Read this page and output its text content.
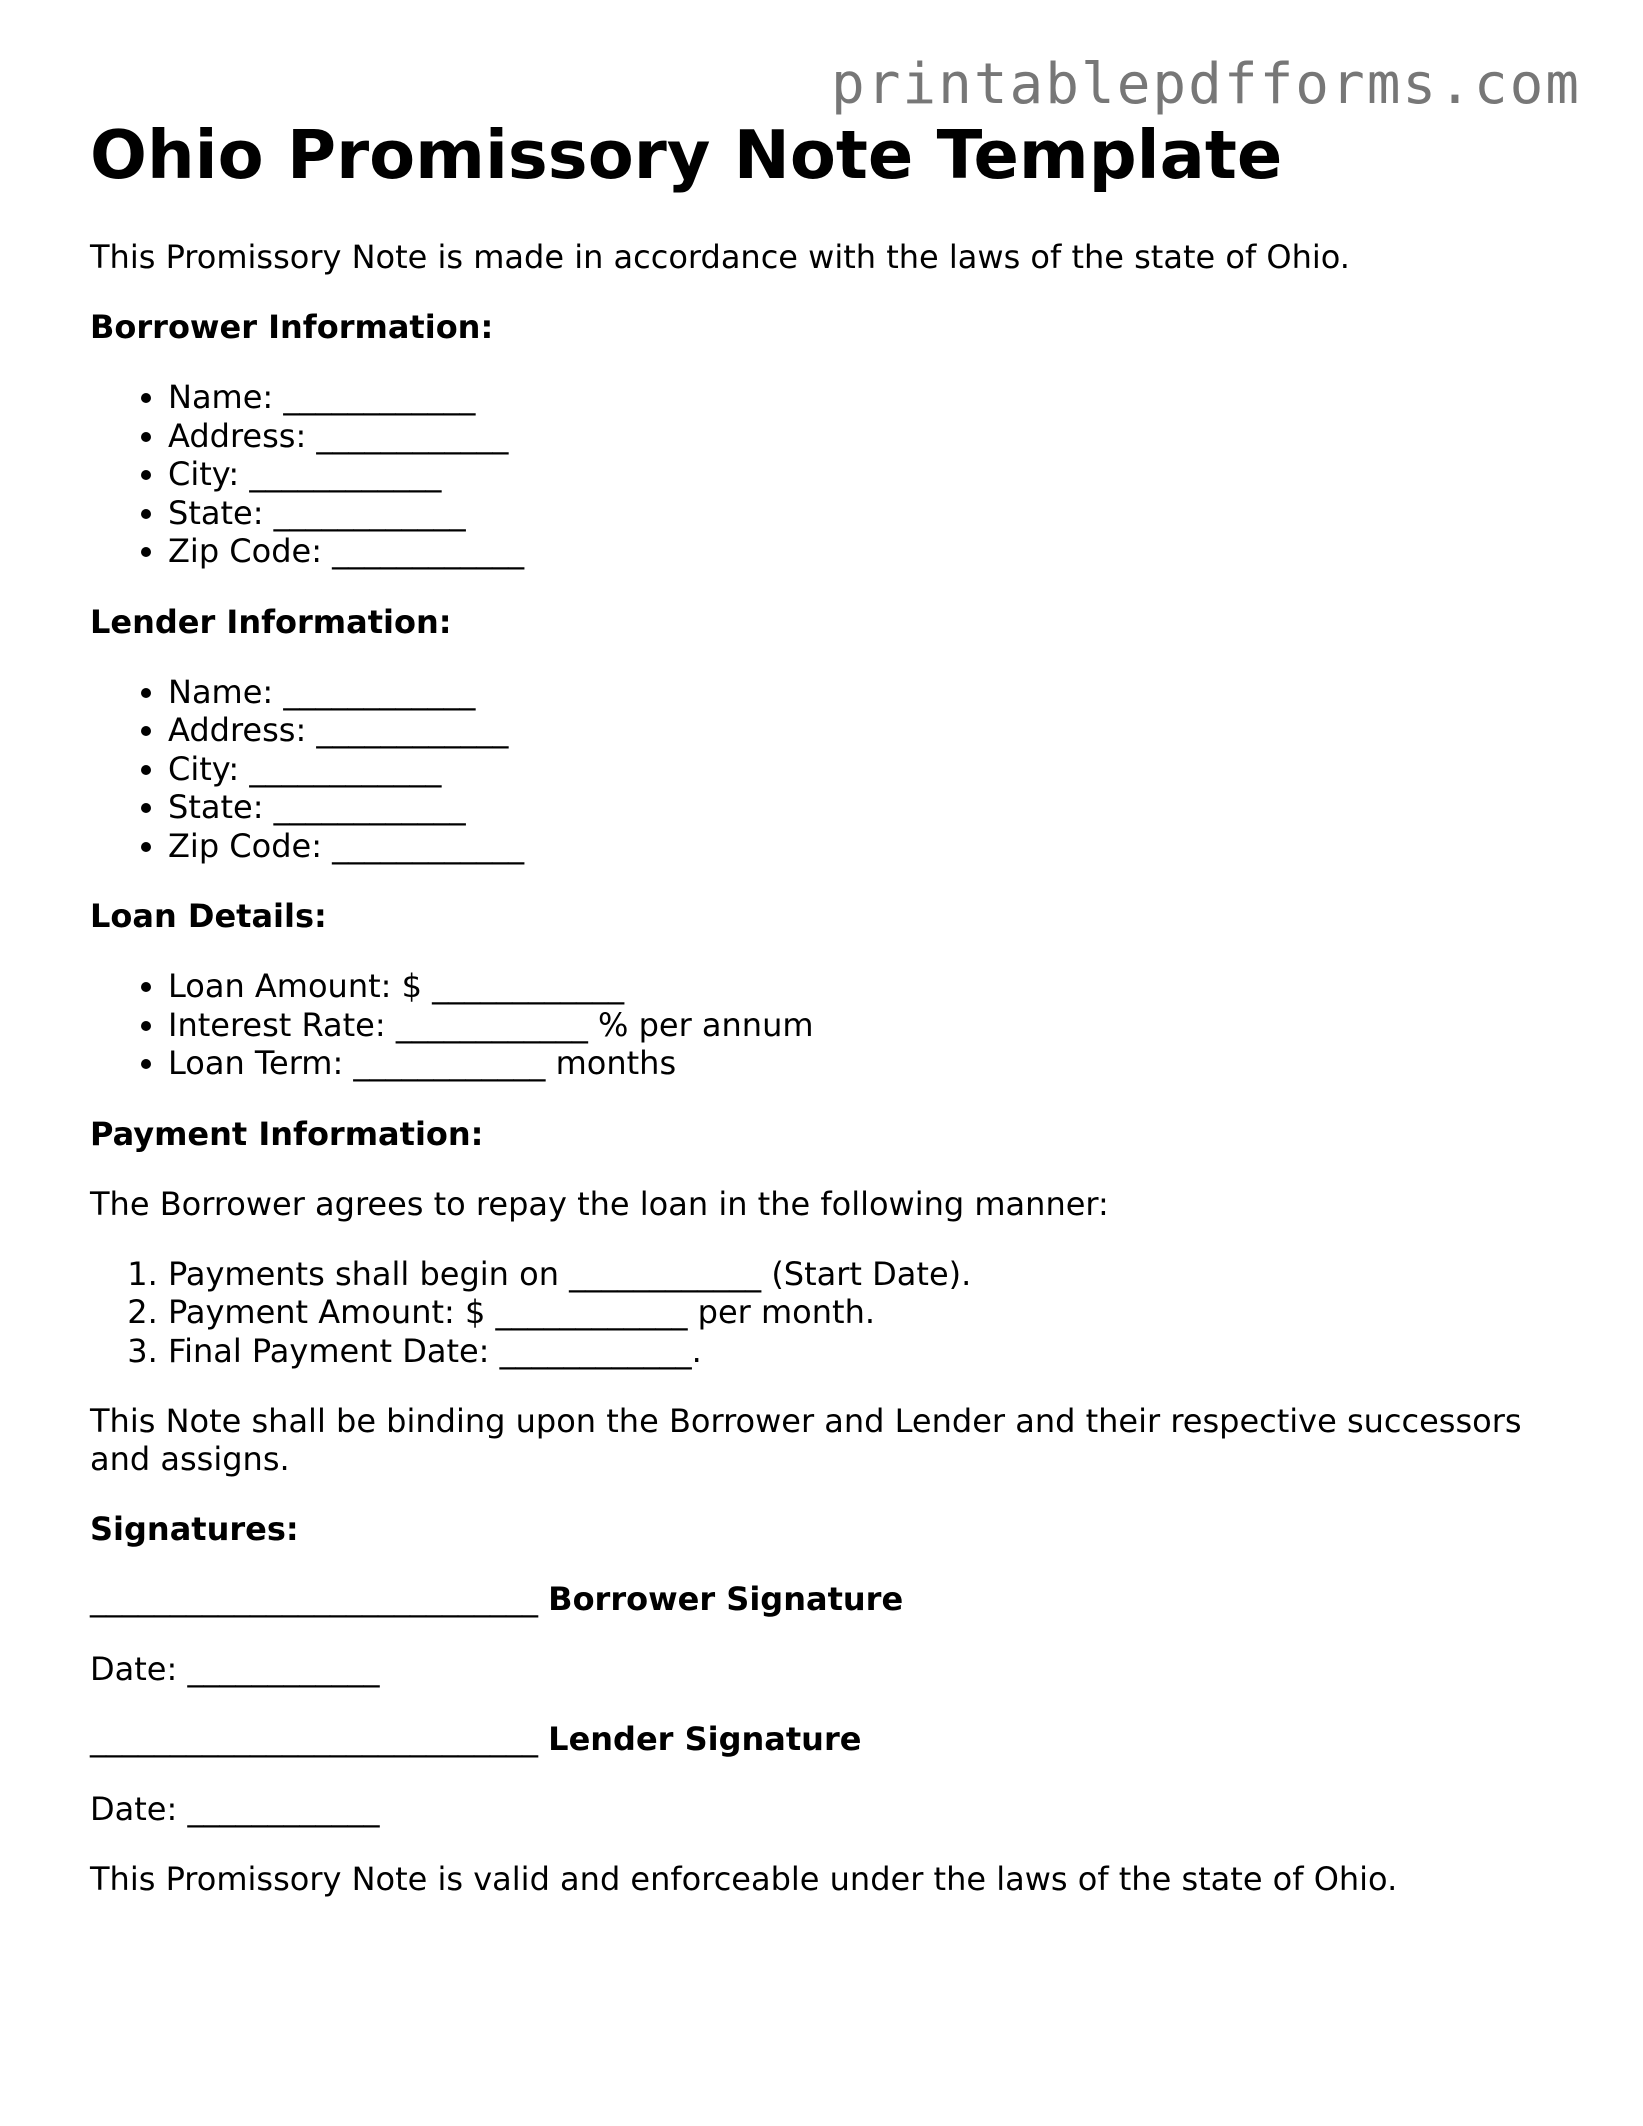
printablepdfforms.com
Ohio Promissory Note Template

This Promissory Note is made in accordance with the laws of the state of Ohio.

Borrower Information:

• Name: ____________
• Address: ____________
• City: ____________
• State: ____________
• Zip Code: ____________

Lender Information:

• Name: ____________
• Address: ____________
• City: ____________
• State: ____________
• Zip Code: ____________

Loan Details:

• Loan Amount: $ ____________
• Interest Rate: ____________ % per annum
• Loan Term: ____________ months

Payment Information:

The Borrower agrees to repay the loan in the following manner:

1. Payments shall begin on ____________ (Start Date).
2. Payment Amount: $ ____________ per month.
3. Final Payment Date: ____________.

This Note shall be binding upon the Borrower and Lender and their respective successors and assigns.

Signatures:

____________________________ Borrower Signature

Date: ____________

____________________________ Lender Signature

Date: ____________

This Promissory Note is valid and enforceable under the laws of the state of Ohio.
